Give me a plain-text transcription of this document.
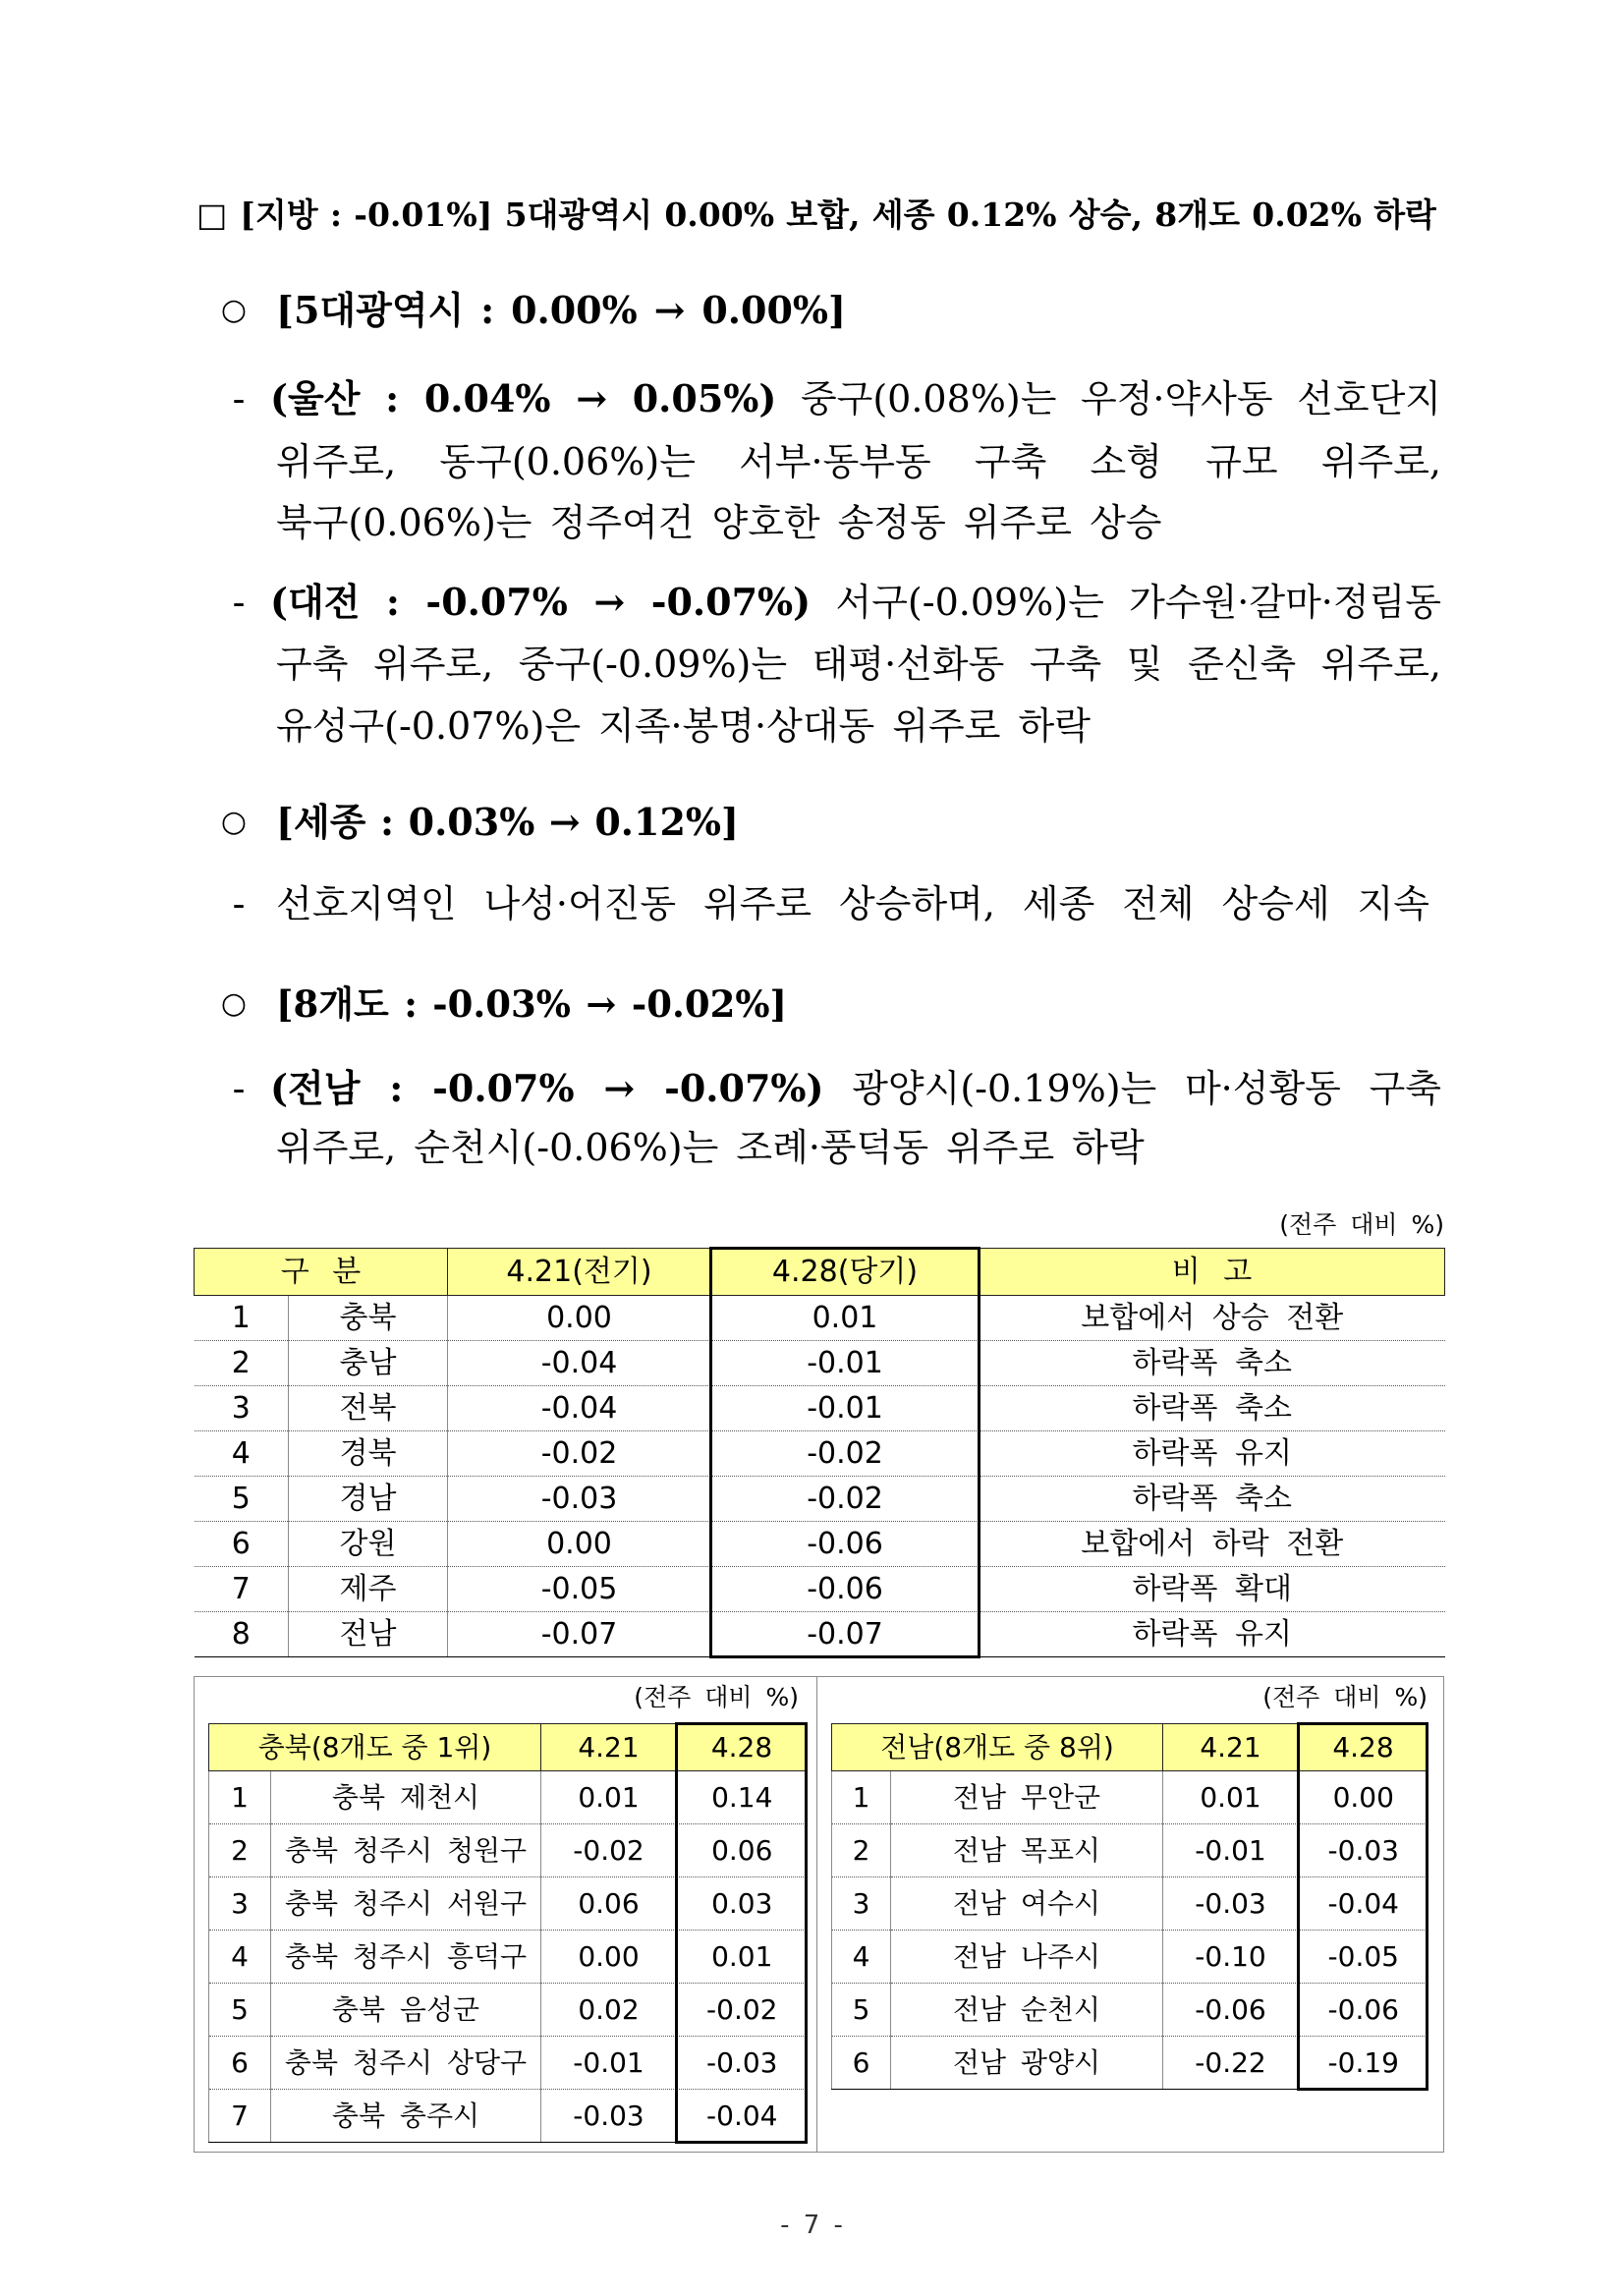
□ [지방 : -0.01%] 5대광역시 0.00% 보합, 세종 0.12% 상승, 8개도 0.02% 하락
○ [5대광역시 : 0.00% → 0.00%]
- (울산 : 0.04% → 0.05%) 중구(0.08%)는 우정·약사동 선호단지
위주로, 동구(0.06%)는 서부·동부동 구축 소형 규모 위주로,
북구(0.06%)는 정주여건 양호한 송정동 위주로 상승
- (대전 : -0.07% → -0.07%) 서구(-0.09%)는 가수원·갈마·정림동
구축 위주로, 중구(-0.09%)는 태평·선화동 구축 및 준신축 위주로,
유성구(-0.07%)은 지족·봉명·상대동 위주로 하락
○ [세종 : 0.03% → 0.12%]
- 선호지역인 나성·어진동 위주로 상승하며, 세종 전체 상승세 지속
○ [8개도 : -0.03% → -0.02%]
- (전남 : -0.07% → -0.07%) 광양시(-0.19%)는 마·성황동 구축
위주로, 순천시(-0.06%)는 조례·풍덕동 위주로 하락
(전주 대비 %)
구 분		4.21(전기)	4.28(당기)	비 고
1	충북	0.00	0.01	보합에서 상승 전환
2	충남	-0.04	-0.01	하락폭 축소
3	전북	-0.04	-0.01	하락폭 축소
4	경북	-0.02	-0.02	하락폭 유지
5	경남	-0.03	-0.02	하락폭 축소
6	강원	0.00	-0.06	보합에서 하락 전환
7	제주	-0.05	-0.06	하락폭 확대
8	전남	-0.07	-0.07	하락폭 유지
(전주 대비 %)
충북(8개도 중 1위)		4.21	4.28
1	충북 제천시	0.01	0.14
2	충북 청주시 청원구	-0.02	0.06
3	충북 청주시 서원구	0.06	0.03
4	충북 청주시 흥덕구	0.00	0.01
5	충북 음성군	0.02	-0.02
6	충북 청주시 상당구	-0.01	-0.03
7	충북 충주시	-0.03	-0.04
(전주 대비 %)
전남(8개도 중 8위)		4.21	4.28
1	전남 무안군	0.01	0.00
2	전남 목포시	-0.01	-0.03
3	전남 여수시	-0.03	-0.04
4	전남 나주시	-0.10	-0.05
5	전남 순천시	-0.06	-0.06
6	전남 광양시	-0.22	-0.19
- 7 -
